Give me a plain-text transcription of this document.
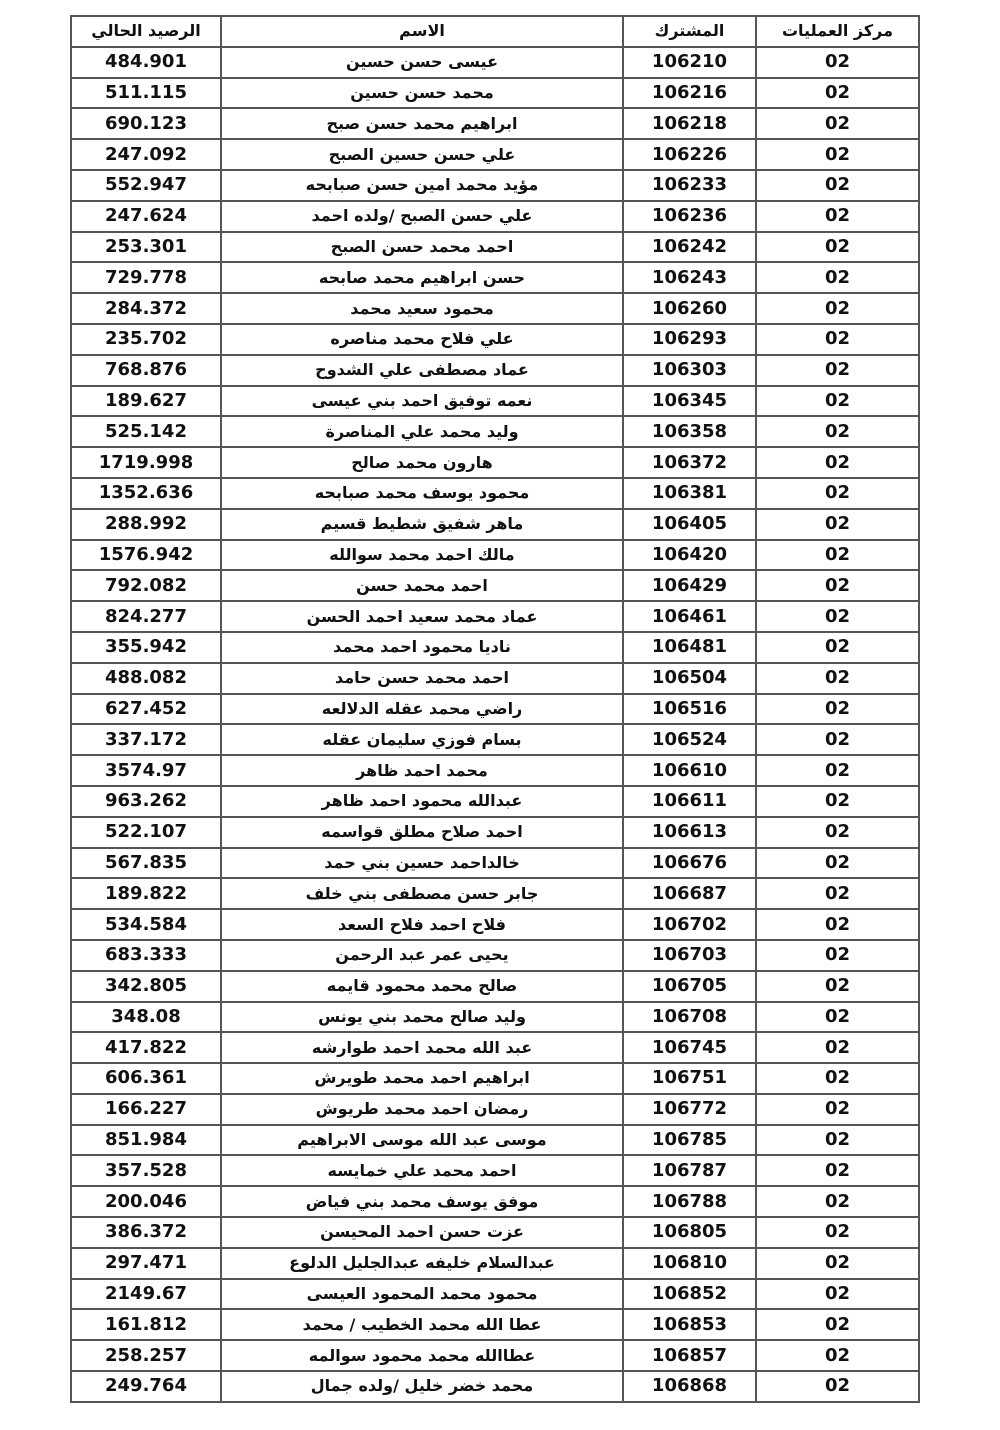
الرصيد الحالي	الاسم	المشترك	مركز العمليات
484.901	عيسى حسن حسين	106210	02
511.115	محمد حسن حسين	106216	02
690.123	ابراهيم محمد حسن صبح	106218	02
247.092	علي حسن حسين الصبح	106226	02
552.947	مؤيد محمد امين حسن صبابحه	106233	02
247.624	علي حسن الصبح /ولده احمد	106236	02
253.301	احمد محمد حسن الصبح	106242	02
729.778	حسن ابراهيم محمد صابحه	106243	02
284.372	محمود سعيد محمد	106260	02
235.702	علي فلاح محمد مناصره	106293	02
768.876	عماد مصطفى علي الشدوح	106303	02
189.627	نعمه توفيق احمد بني عيسى	106345	02
525.142	وليد محمد علي المناصرة	106358	02
1719.998	هارون محمد صالح	106372	02
1352.636	محمود يوسف محمد صبابحه	106381	02
288.992	ماهر شفيق شطيط قسيم	106405	02
1576.942	مالك احمد محمد سوالله	106420	02
792.082	احمد محمد حسن	106429	02
824.277	عماد محمد سعيد احمد الحسن	106461	02
355.942	ناديا محمود احمد محمد	106481	02
488.082	احمد محمد حسن حامد	106504	02
627.452	راضي محمد عقله الدلالعه	106516	02
337.172	بسام فوزي سليمان عقله	106524	02
3574.97	محمد احمد ظاهر	106610	02
963.262	عبدالله محمود احمد ظاهر	106611	02
522.107	احمد صلاح مطلق قواسمه	106613	02
567.835	خالداحمد حسين بني حمد	106676	02
189.822	جابر حسن مصطفى بني خلف	106687	02
534.584	فلاح احمد فلاح السعد	106702	02
683.333	يحيى عمر عبد الرحمن	106703	02
342.805	صالح محمد محمود قايمه	106705	02
348.08	وليد صالح محمد بني يونس	106708	02
417.822	عبد الله محمد احمد طوارشه	106745	02
606.361	ابراهيم احمد محمد طويرش	106751	02
166.227	رمضان احمد محمد طريوش	106772	02
851.984	موسى عبد الله موسى الابراهيم	106785	02
357.528	احمد محمد علي خمايسه	106787	02
200.046	موفق يوسف محمد بني فياض	106788	02
386.372	عزت حسن احمد المحيسن	106805	02
297.471	عبدالسلام خليفه عبدالجليل الدلوع	106810	02
2149.67	محمود محمد المحمود العيسى	106852	02
161.812	عطا الله محمد الخطيب / محمد	106853	02
258.257	عطاالله محمد محمود سوالمه	106857	02
249.764	محمد خضر خليل /ولده جمال	106868	02
